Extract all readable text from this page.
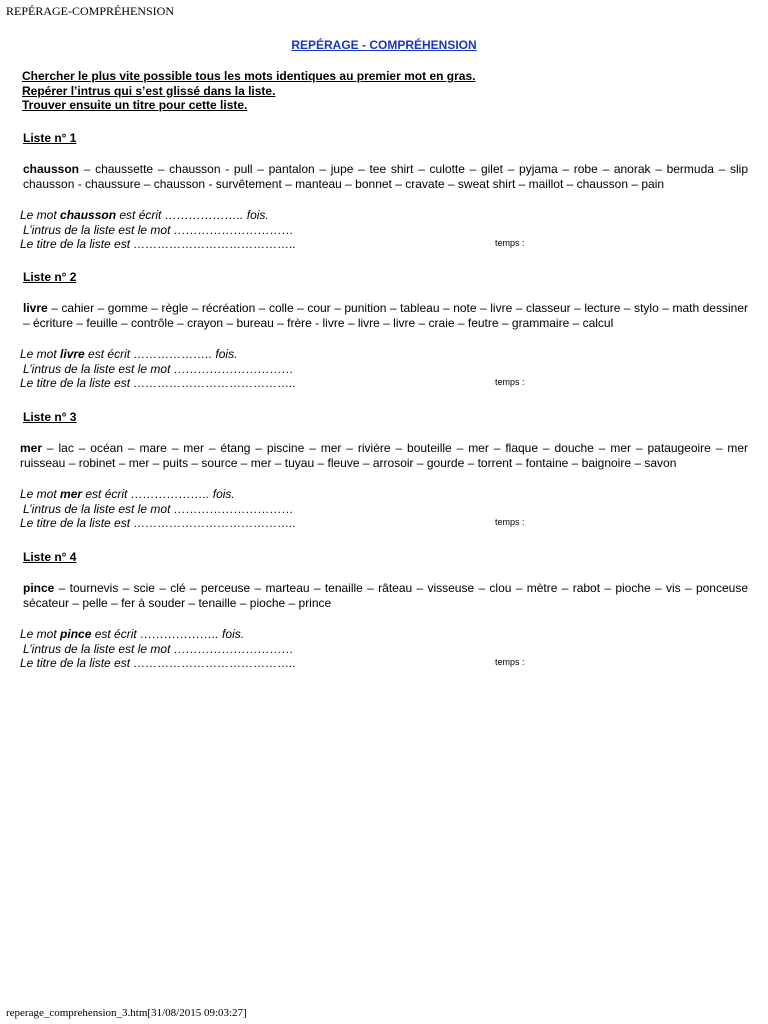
REPÉRAGE-COMPRÉHENSION
REPÉRAGE - COMPRÉHENSION
Chercher le plus vite possible tous les mots identiques au premier mot en gras.
Repérer l’intrus qui s’est glissé dans la liste.
Trouver ensuite un titre pour cette liste.
Liste n° 1
chausson – chaussette – chausson - pull – pantalon – jupe – tee shirt – culotte – gilet – pyjama – robe – anorak – bermuda – slip chausson - chaussure – chausson - survêtement – manteau – bonnet – cravate – sweat shirt – maillot – chausson – pain
Le mot chausson est écrit ……………….. fois.
L’intrus de la liste est le mot …………………………
Le titre de la liste est …………………………………..	temps :
Liste n° 2
livre – cahier – gomme – règle – récréation – colle – cour – punition – tableau – note – livre – classeur – lecture – stylo – math dessiner – écriture – feuille – contrôle – crayon – bureau – frère - livre – livre – livre – craie – feutre – grammaire – calcul
Le mot livre est écrit ……………….. fois.
L’intrus de la liste est le mot …………………………
Le titre de la liste est …………………………………..	temps :
Liste n° 3
mer – lac – océan – mare – mer – étang – piscine – mer – rivière – bouteille – mer – flaque – douche – mer – pataugeoire – mer ruisseau – robinet – mer – puits – source – mer – tuyau – fleuve – arrosoir – gourde – torrent – fontaine – baignoire – savon
Le mot mer est écrit ……………….. fois.
L’intrus de la liste est le mot …………………………
Le titre de la liste est …………………………………..	temps :
Liste n° 4
pince – tournevis – scie – clé – perceuse – marteau – tenaille – râteau – visseuse – clou – mètre – rabot – pioche – vis – ponceuse sécateur – pelle – fer à souder – tenaille – pioche – prince
Le mot pince est écrit ……………….. fois.
L’intrus de la liste est le mot …………………………
Le titre de la liste est …………………………………..	temps :
reperage_comprehension_3.htm[31/08/2015 09:03:27]
